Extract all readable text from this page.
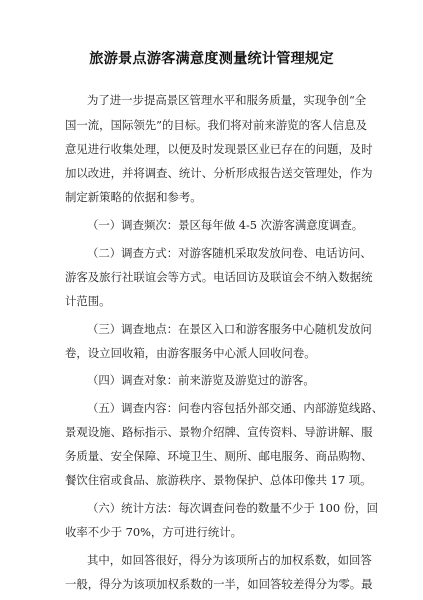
旅游景点游客满意度测量统计管理规定
为了进一步提高景区管理水平和服务质量，实现争创“全
国一流，国际领先”的目标。我们将对前来游览的客人信息及
意见进行收集处理，以便及时发现景区业已存在的问题，及时
加以改进，并将调查、统计、分析形成报告送交管理处，作为
制定新策略的依据和参考。
（一）调查频次：景区每年做 4-5 次游客满意度调查。
（二）调查方式：对游客随机采取发放问卷、电话访问、
游客及旅行社联谊会等方式。电话回访及联谊会不纳入数据统
计范围。
（三）调查地点：在景区入口和游客服务中心随机发放问
卷，设立回收箱，由游客服务中心派人回收问卷。
（四）调查对象：前来游览及游览过的游客。
（五）调查内容：问卷内容包括外部交通、内部游览线路、
景观设施、路标指示、景物介绍牌、宣传资料、导游讲解、服
务质量、安全保障、环境卫生、厕所、邮电服务、商品购物、
餐饮住宿或食品、旅游秩序、景物保护、总体印像共 17 项。
（六）统计方法：每次调查问卷的数量不少于 100 份，回
收率不少于 70%，方可进行统计。
其中，如回答很好，得分为该项所占的加权系数，如回答
一般，得分为该项加权系数的一半，如回答较差得分为零。最
